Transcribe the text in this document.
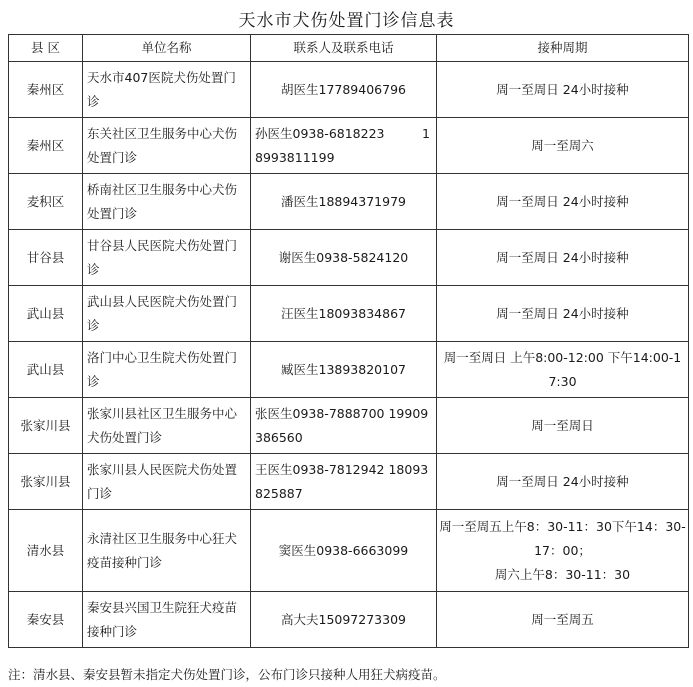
天水市犬伤处置门诊信息表
县 区	单位名称	联系人及联系电话	接种周期
秦州区	天水市407医院犬伤处置门诊	胡医生17789406796	周一至周日 24小时接种
秦州区	东关社区卫生服务中心犬伤处置门诊	孙医生0938-6818223　　　18993811199	周一至周六
麦积区	桥南社区卫生服务中心犬伤处置门诊	潘医生18894371979	周一至周日 24小时接种
甘谷县	甘谷县人民医院犬伤处置门诊	谢医生0938-5824120	周一至周日 24小时接种
武山县	武山县人民医院犬伤处置门诊	汪医生18093834867	周一至周日 24小时接种
武山县	洛门中心卫生院犬伤处置门诊	臧医生13893820107	周一至周日 上午8:00-12:00 下午14:00-17:30
张家川县	张家川县社区卫生服务中心犬伤处置门诊	张医生0938-7888700 19909386560	周一至周日
张家川县	张家川县人民医院犬伤处置门诊	王医生0938-7812942 18093825887	周一至周日 24小时接种
清水县	永清社区卫生服务中心狂犬疫苗接种门诊	窦医生0938-6663099	周一至周五上午8：30-11：30下午14：30-17：00；
周六上午8：30-11：30

秦安县	秦安县兴国卫生院狂犬疫苗接种门诊	高大夫15097273309	周一至周五
注：清水县、秦安县暂未指定犬伤处置门诊，公布门诊只接种人用狂犬病疫苗。
